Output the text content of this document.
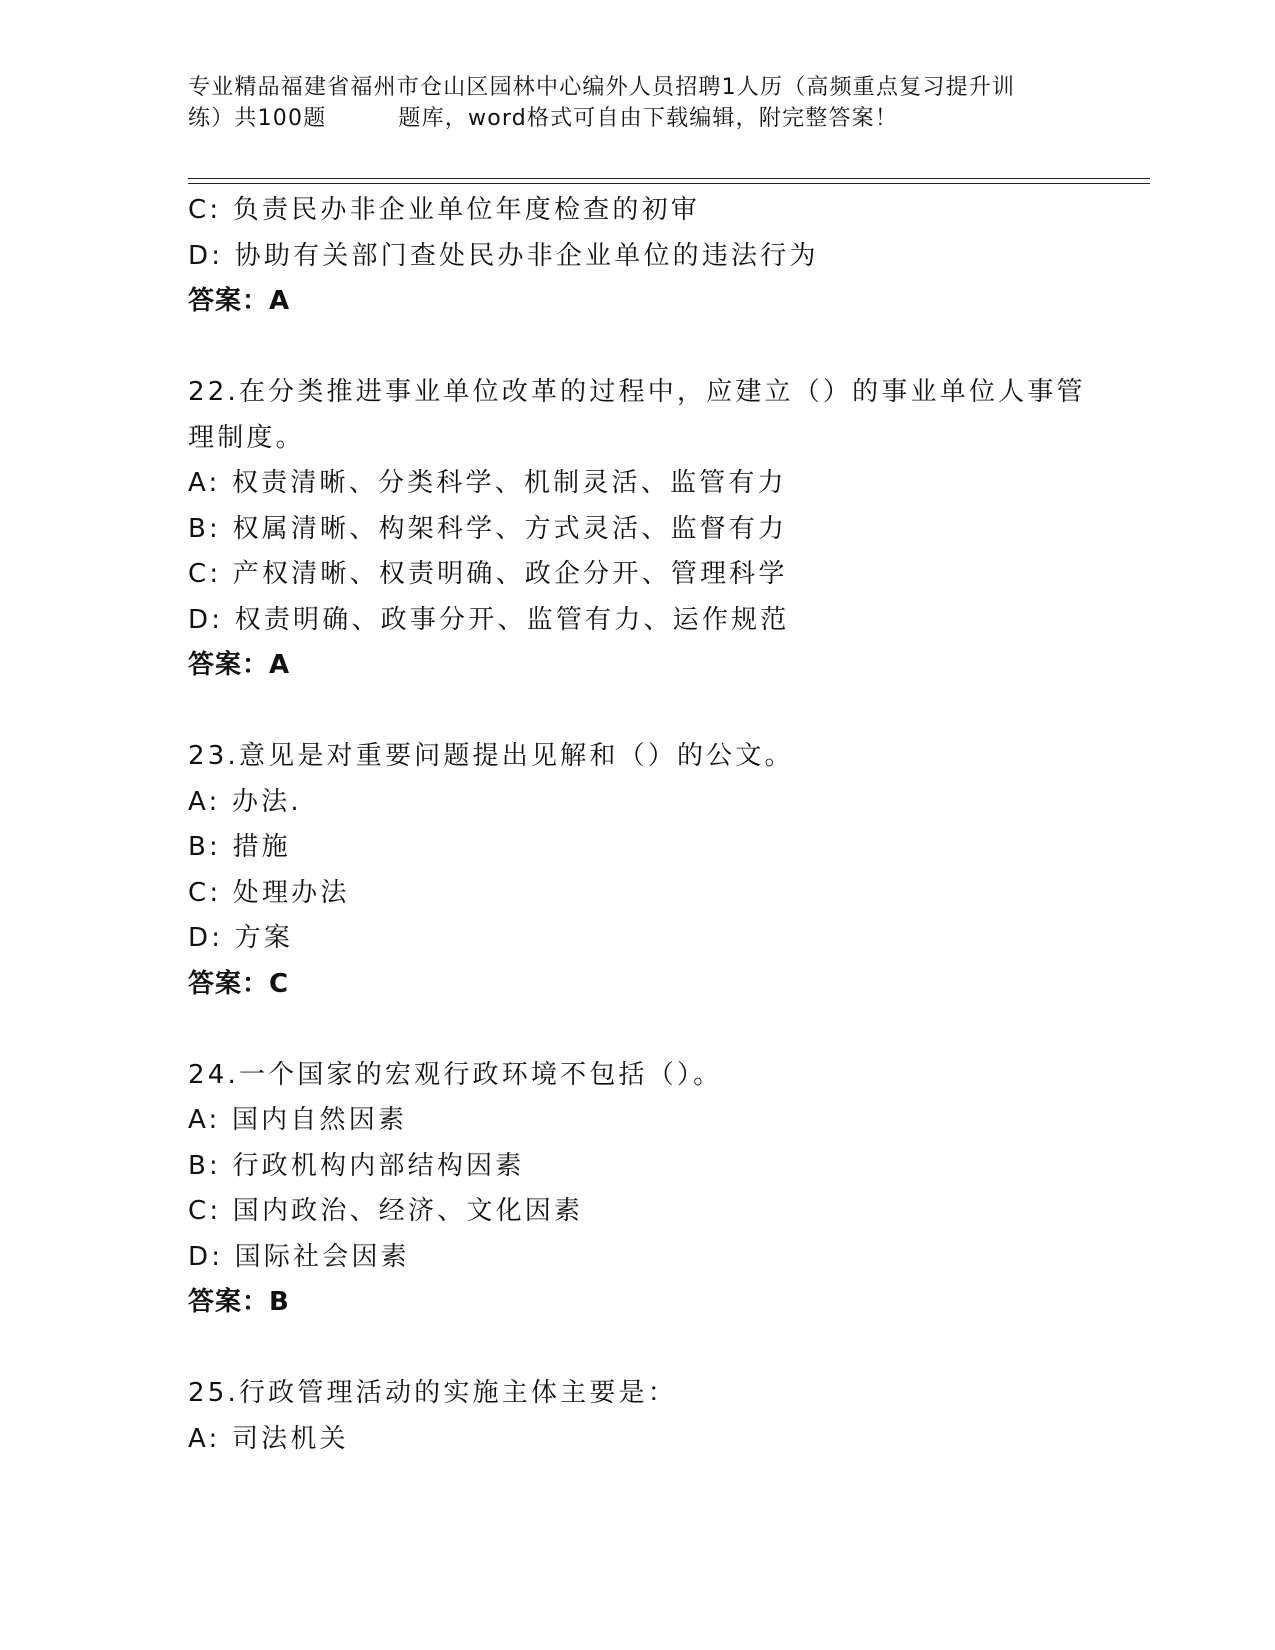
专业精品福建省福州市仓山区园林中心编外人员招聘1人历（高频重点复习提升训
练）共100题	题库，word格式可自由下载编辑，附完整答案！
C: 负责民办非企业单位年度检查的初审
D: 协助有关部门查处民办非企业单位的违法行为
答案：A
22.在分类推进事业单位改革的过程中，应建立（）的事业单位人事管
理制度。
A: 权责清晰、分类科学、机制灵活、监管有力
B: 权属清晰、构架科学、方式灵活、监督有力
C: 产权清晰、权责明确、政企分开、管理科学
D: 权责明确、政事分开、监管有力、运作规范
答案：A
23.意见是对重要问题提出见解和（）的公文。
A: 办法.
B: 措施
C: 处理办法
D: 方案
答案：C
24.一个国家的宏观行政环境不包括（）。
A: 国内自然因素
B: 行政机构内部结构因素
C: 国内政治、经济、文化因素
D: 国际社会因素
答案：B
25.行政管理活动的实施主体主要是：
A: 司法机关
